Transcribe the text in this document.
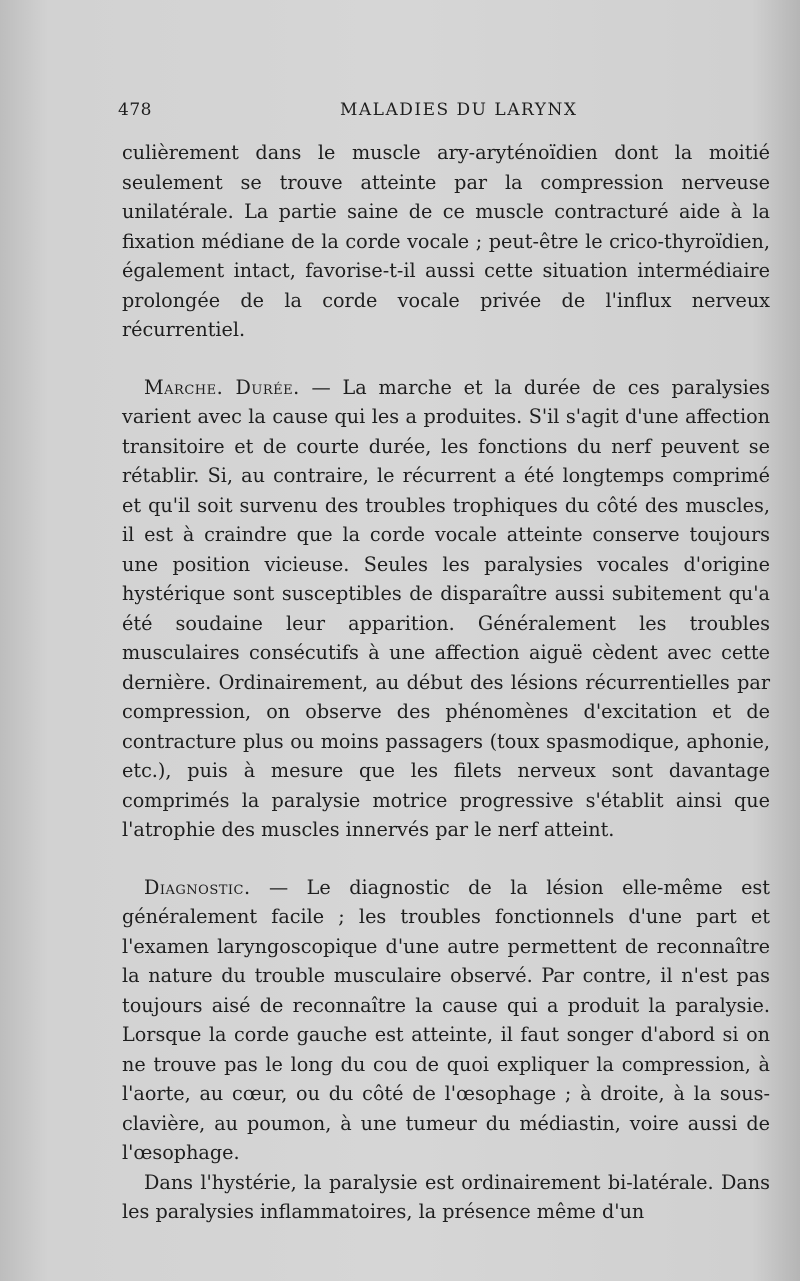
478	MALADIES DU LARYNX

culièrement dans le muscle ary-aryténoïdien dont la moitié seulement se trouve atteinte par la compression nerveuse unilatérale. La partie saine de ce muscle contracturé aide à la fixation médiane de la corde vocale ; peut-être le crico-thyroïdien, également intact, favorise-t-il aussi cette situation intermédiaire prolongée de la corde vocale privée de l'influx nerveux récurrentiel.

Marche. Durée. — La marche et la durée de ces paralysies varient avec la cause qui les a produites. S'il s'agit d'une affection transitoire et de courte durée, les fonctions du nerf peuvent se rétablir. Si, au contraire, le récurrent a été longtemps comprimé et qu'il soit survenu des troubles trophiques du côté des muscles, il est à craindre que la corde vocale atteinte conserve toujours une position vicieuse. Seules les paralysies vocales d'origine hystérique sont susceptibles de disparaître aussi subitement qu'a été soudaine leur apparition. Généralement les troubles musculaires consécutifs à une affection aiguë cèdent avec cette dernière. Ordinairement, au début des lésions récurrentielles par compression, on observe des phénomènes d'excitation et de contracture plus ou moins passagers (toux spasmodique, aphonie, etc.), puis à mesure que les filets nerveux sont davantage comprimés la paralysie motrice progressive s'établit ainsi que l'atrophie des muscles innervés par le nerf atteint.

Diagnostic. — Le diagnostic de la lésion elle-même est généralement facile ; les troubles fonctionnels d'une part et l'examen laryngoscopique d'une autre permettent de reconnaître la nature du trouble musculaire observé. Par contre, il n'est pas toujours aisé de reconnaître la cause qui a produit la paralysie. Lorsque la corde gauche est atteinte, il faut songer d'abord si on ne trouve pas le long du cou de quoi expliquer la compression, à l'aorte, au cœur, ou du côté de l'œsophage ; à droite, à la sous-clavière, au poumon, à une tumeur du médiastin, voire aussi de l'œsophage.

Dans l'hystérie, la paralysie est ordinairement bi-latérale. Dans les paralysies inflammatoires, la présence même d'un
